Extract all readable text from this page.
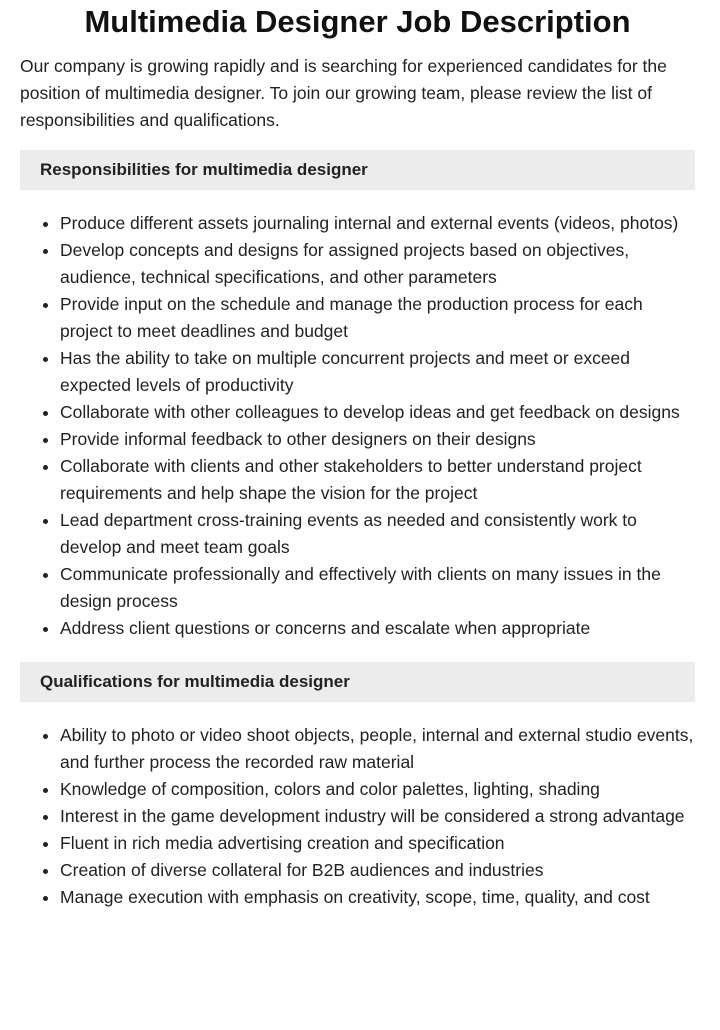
Multimedia Designer Job Description

Our company is growing rapidly and is searching for experienced candidates for the position of multimedia designer. To join our growing team, please review the list of responsibilities and qualifications.

Responsibilities for multimedia designer
• Produce different assets journaling internal and external events (videos, photos)
• Develop concepts and designs for assigned projects based on objectives, audience, technical specifications, and other parameters
• Provide input on the schedule and manage the production process for each project to meet deadlines and budget
• Has the ability to take on multiple concurrent projects and meet or exceed expected levels of productivity
• Collaborate with other colleagues to develop ideas and get feedback on designs
• Provide informal feedback to other designers on their designs
• Collaborate with clients and other stakeholders to better understand project requirements and help shape the vision for the project
• Lead department cross-training events as needed and consistently work to develop and meet team goals
• Communicate professionally and effectively with clients on many issues in the design process
• Address client questions or concerns and escalate when appropriate
Qualifications for multimedia designer
• Ability to photo or video shoot objects, people, internal and external studio events, and further process the recorded raw material
• Knowledge of composition, colors and color palettes, lighting, shading
• Interest in the game development industry will be considered a strong advantage
• Fluent in rich media advertising creation and specification
• Creation of diverse collateral for B2B audiences and industries
• Manage execution with emphasis on creativity, scope, time, quality, and cost
